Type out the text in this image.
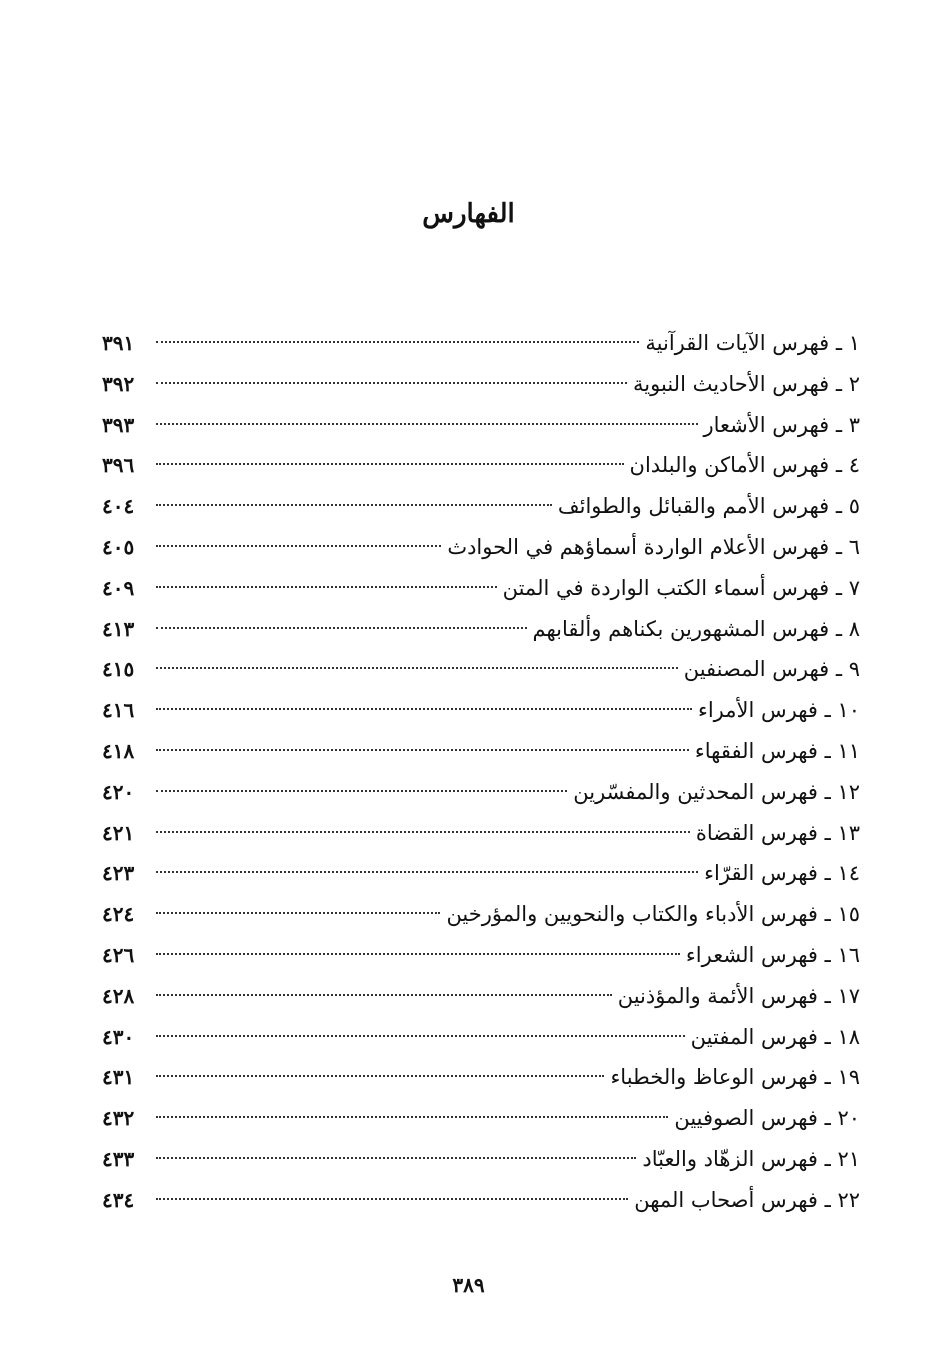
الفهارس
١ ـ فهرس الآيات القرآنية
٣٩١
٢ ـ فهرس الأحاديث النبوية
٣٩٢
٣ ـ فهرس الأشعار
٣٩٣
٤ ـ فهرس الأماكن والبلدان
٣٩٦
٥ ـ فهرس الأمم والقبائل والطوائف
٤٠٤
٦ ـ فهرس الأعلام الواردة أسماؤهم في الحوادث
٤٠٥
٧ ـ فهرس أسماء الكتب الواردة في المتن
٤٠٩
٨ ـ فهرس المشهورين بكناهم وألقابهم
٤١٣
٩ ـ فهرس المصنفين
٤١٥
١٠ ـ فهرس الأمراء
٤١٦
١١ ـ فهرس الفقهاء
٤١٨
١٢ ـ فهرس المحدثين والمفسّرين
٤٢٠
١٣ ـ فهرس القضاة
٤٢١
١٤ ـ فهرس القرّاء
٤٢٣
١٥ ـ فهرس الأدباء والكتاب والنحويين والمؤرخين
٤٢٤
١٦ ـ فهرس الشعراء
٤٢٦
١٧ ـ فهرس الأئمة والمؤذنين
٤٢٨
١٨ ـ فهرس المفتين
٤٣٠
١٩ ـ فهرس الوعاظ والخطباء
٤٣١
٢٠ ـ فهرس الصوفيين
٤٣٢
٢١ ـ فهرس الزهّاد والعبّاد
٤٣٣
٢٢ ـ فهرس أصحاب المهن
٤٣٤
٣٨٩
